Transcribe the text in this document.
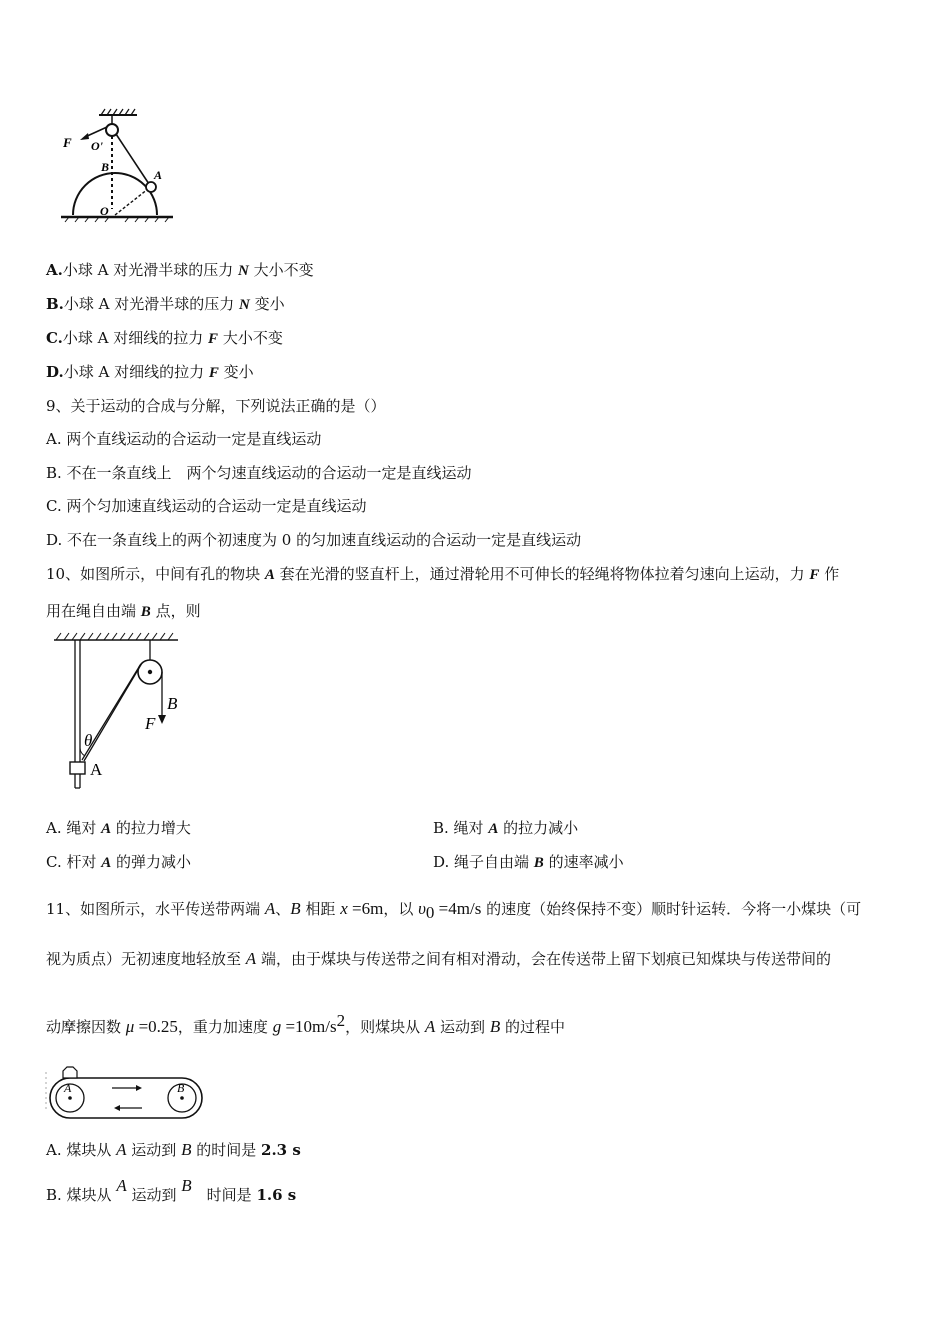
F O'
B
A
O
A.小球 A 对光滑半球的压力 N 大小不变
B.小球 A 对光滑半球的压力 N 变小
C.小球 A 对细线的拉力 F 大小不变
D.小球 A 对细线的拉力 F 变小
9、关于运动的合成与分解，下列说法正确的是（）
A. 两个直线运动的合运动一定是直线运动
B. 不在一条直线上　两个匀速直线运动的合运动一定是直线运动
C. 两个匀加速直线运动的合运动一定是直线运动
D. 不在一条直线上的两个初速度为 0 的匀加速直线运动的合运动一定是直线运动
10、如图所示，中间有孔的物块 A 套在光滑的竖直杆上，通过滑轮用不可伸长的轻绳将物体拉着匀速向上运动，力 F 作
用在绳自由端 B 点，则
θ
A
B
F
A. 绳对 A 的拉力增大	B. 绳对 A 的拉力减小
C. 杆对 A 的弹力减小	D. 绳子自由端 B 的速率减小
11、如图所示，水平传送带两端 A、B 相距 x =6m，以 $\upsilon_0 =4m/s$ 的速度（始终保持不变）顺时针运转．今将一小煤块（可
视为质点）无初速度地轻放至 A 端，由于煤块与传送带之间有相对滑动，会在传送带上留下划痕已知煤块与传送带间的
动摩擦因数 μ =0.25，重力加速度 $g =10m/s^2$，则煤块从 A 运动到 B 的过程中
A	B
A. 煤块从 A 运动到 B 的时间是 2.3 s
B. 煤块从 A 运动到 B　时间是 1.6 s
